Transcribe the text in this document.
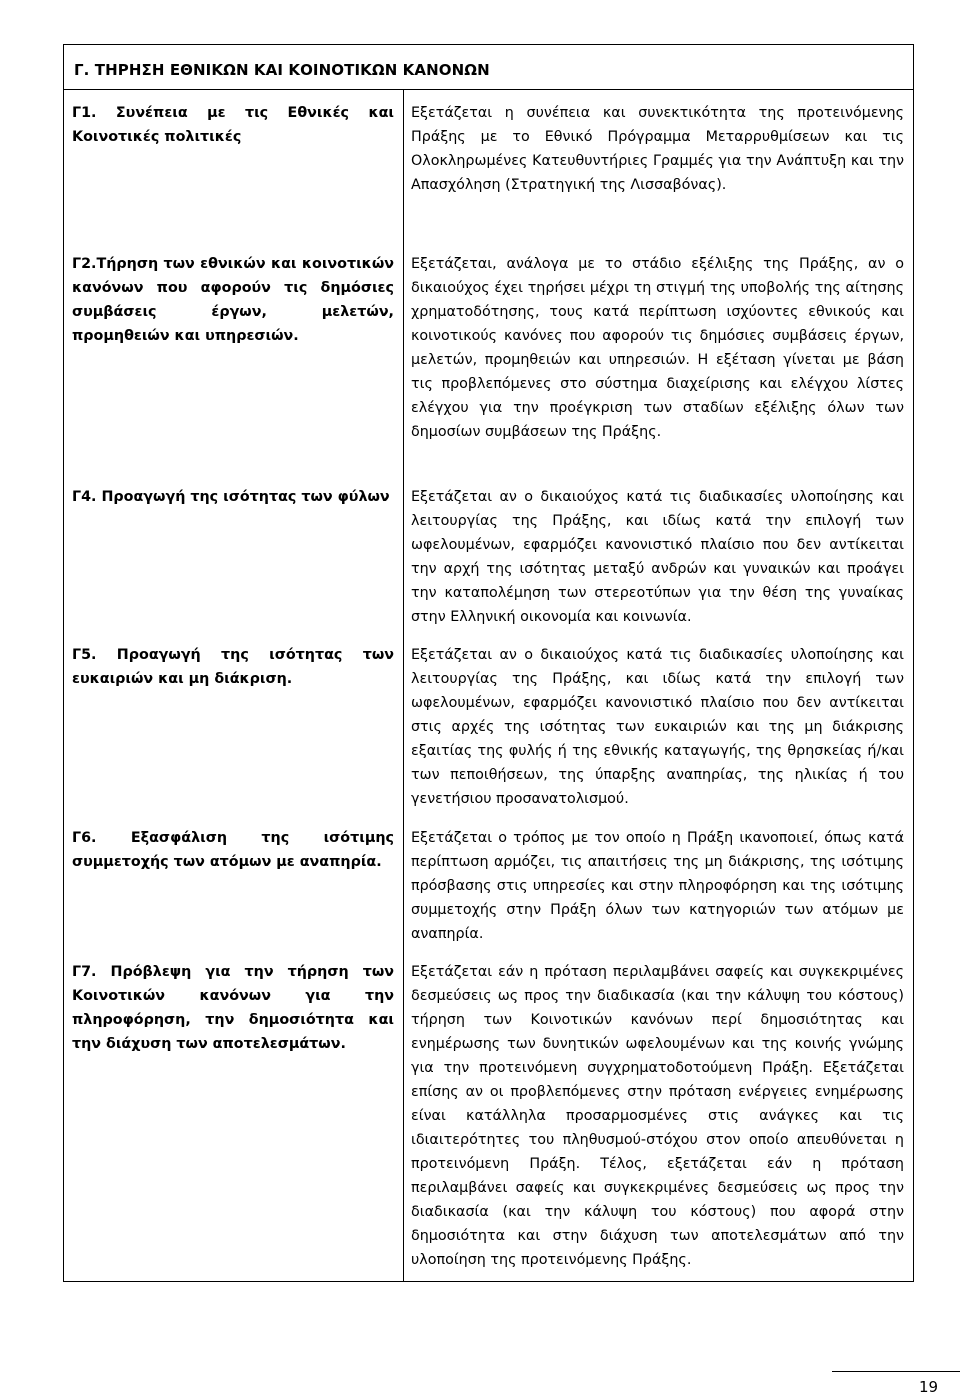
Γ. ΤΗΡΗΣΗ ΕΘΝΙΚΩΝ ΚΑΙ ΚΟΙΝΟΤΙΚΩΝ ΚΑΝΟΝΩΝ
Γ1. Συνέπεια με τις Εθνικές και Κοινοτικές πολιτικές
Εξετάζεται η συνέπεια και συνεκτικότητα της προτεινόμενης Πράξης με το Εθνικό Πρόγραμμα Μεταρρυθμίσεων και τις Ολοκληρωμένες Κατευθυντήριες Γραμμές για την Ανάπτυξη και την Απασχόληση (Στρατηγική της Λισσαβόνας).
Γ2.Τήρηση των εθνικών και κοινοτικών κανόνων που αφορούν τις δημόσιες συμβάσεις έργων, μελετών, προμηθειών και υπηρεσιών.
Εξετάζεται, ανάλογα με το στάδιο εξέλιξης της Πράξης, αν ο δικαιούχος έχει τηρήσει μέχρι τη στιγμή της υποβολής της αίτησης χρηματοδότησης, τους κατά περίπτωση ισχύοντες εθνικούς και κοινοτικούς κανόνες που αφορούν τις δημόσιες συμβάσεις έργων, μελετών, προμηθειών και υπηρεσιών. Η εξέταση γίνεται με βάση τις προβλεπόμενες στο σύστημα διαχείρισης και ελέγχου λίστες ελέγχου για την προέγκριση των σταδίων εξέλιξης όλων των δημοσίων συμβάσεων της Πράξης.
Γ4. Προαγωγή της ισότητας των φύλων	Εξετάζεται αν ο δικαιούχος κατά τις διαδικασίες υλοποίησης και λειτουργίας της Πράξης, και ιδίως κατά την επιλογή των ωφελουμένων, εφαρμόζει κανονιστικό πλαίσιο που δεν αντίκειται την αρχή της ισότητας μεταξύ ανδρών και γυναικών και προάγει την καταπολέμηση των στερεοτύπων για την θέση της γυναίκας στην Ελληνική οικονομία και κοινωνία.
Γ5. Προαγωγή της ισότητας των ευκαιριών και μη διάκριση.
Εξετάζεται αν ο δικαιούχος κατά τις διαδικασίες υλοποίησης και λειτουργίας της Πράξης, και ιδίως κατά την επιλογή των ωφελουμένων, εφαρμόζει κανονιστικό πλαίσιο που δεν αντίκειται στις αρχές της ισότητας των ευκαιριών και της μη διάκρισης εξαιτίας της φυλής ή της εθνικής καταγωγής, της θρησκείας ή/και των πεποιθήσεων, της ύπαρξης αναπηρίας, της ηλικίας ή του γενετήσιου προσανατολισμού.
Γ6. Εξασφάλιση της ισότιμης συμμετοχής των ατόμων με αναπηρία.
Εξετάζεται ο τρόπος με τον οποίο η Πράξη ικανοποιεί, όπως κατά περίπτωση αρμόζει, τις απαιτήσεις της μη διάκρισης, της ισότιμης πρόσβασης στις υπηρεσίες και στην πληροφόρηση και της ισότιμης συμμετοχής στην Πράξη όλων των κατηγοριών των ατόμων με αναπηρία.
Γ7. Πρόβλεψη για την τήρηση των Κοινοτικών κανόνων για την πληροφόρηση, την δημοσιότητα και την διάχυση των αποτελεσμάτων.
Εξετάζεται εάν η πρόταση περιλαμβάνει σαφείς και συγκεκριμένες δεσμεύσεις ως προς την διαδικασία (και την κάλυψη του κόστους) τήρηση των Κοινοτικών κανόνων περί δημοσιότητας και ενημέρωσης των δυνητικών ωφελουμένων και της κοινής γνώμης για την προτεινόμενη συγχρηματοδοτούμενη Πράξη. Εξετάζεται επίσης αν οι προβλεπόμενες στην πρόταση ενέργειες ενημέρωσης είναι κατάλληλα προσαρμοσμένες στις ανάγκες και τις ιδιαιτερότητες του πληθυσμού-στόχου στον οποίο απευθύνεται η προτεινόμενη Πράξη. Τέλος, εξετάζεται εάν η πρόταση περιλαμβάνει σαφείς και συγκεκριμένες δεσμεύσεις ως προς την διαδικασία (και την κάλυψη του κόστους) που αφορά στην δημοσιότητα και στην διάχυση των αποτελεσμάτων από την υλοποίηση της προτεινόμενης Πράξης.
19
